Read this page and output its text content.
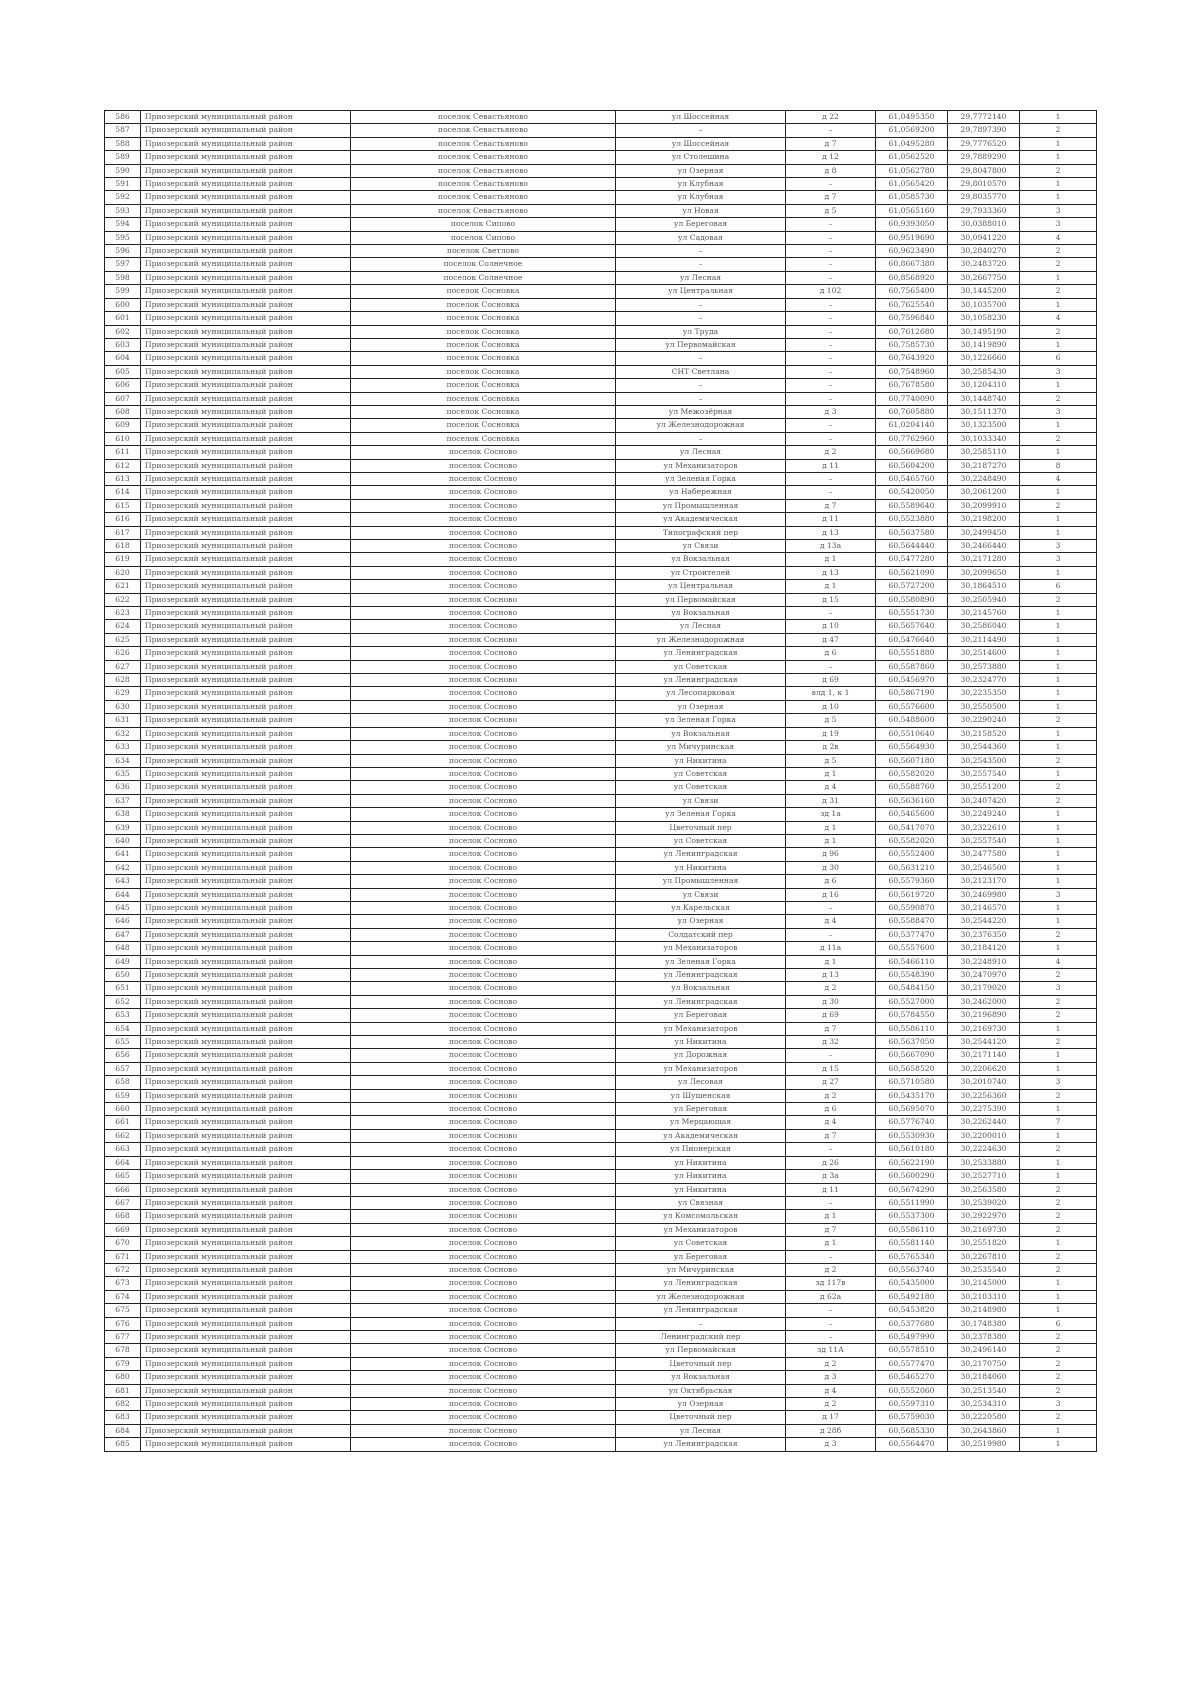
586	Приозерский муниципальный район	поселок Севастьяново	ул Шоссейная	д 22	61,0495350	29,7772140	1
587	Приозерский муниципальный район	поселок Севастьяново	–	–	61,0569200	29,7897390	2
588	Приозерский муниципальный район	поселок Севастьяново	ул Шоссейная	д 7	61,0495280	29,7776520	1
589	Приозерский муниципальный район	поселок Севастьяново	ул Столешина	д 12	61,0562520	29,7889290	1
590	Приозерский муниципальный район	поселок Севастьяново	ул Озерная	д 8	61,0562780	29,8047800	2
591	Приозерский муниципальный район	поселок Севастьяново	ул Клубная	–	61,0565420	29,8010570	1
592	Приозерский муниципальный район	поселок Севастьяново	ул Клубная	д 7	61,0585730	29,8035770	1
593	Приозерский муниципальный район	поселок Севастьяново	ул Новая	д 5	61,0565160	29,7933360	3
594	Приозерский муниципальный район	поселок Сипово	ул Береговая	–	60,9393050	30,0388010	3
595	Приозерский муниципальный район	поселок Сипово	ул Садовая	–	60,9519690	30,0941220	4
596	Приозерский муниципальный район	поселок Светлово	–	–	60,9623490	30,2840270	2
597	Приозерский муниципальный район	поселок Солнечное	–	–	60,8667380	30,2483720	2
598	Приозерский муниципальный район	поселок Солнечное	ул Лесная	–	60,8568920	30,2667750	1
599	Приозерский муниципальный район	поселок Сосновка	ул Центральная	д 102	60,7565400	30,1445200	2
600	Приозерский муниципальный район	поселок Сосновка	–	–	60,7625540	30,1035700	1
601	Приозерский муниципальный район	поселок Сосновка	–	–	60,7596840	30,1058230	4
602	Приозерский муниципальный район	поселок Сосновка	ул Труда	–	60,7612680	30,1495190	2
603	Приозерский муниципальный район	поселок Сосновка	ул Первомайская	–	60,7585730	30,1419890	1
604	Приозерский муниципальный район	поселок Сосновка	–	–	60,7643920	30,1226660	6
605	Приозерский муниципальный район	поселок Сосновка	СНТ Светлана	–	60,7548960	30,2585430	3
606	Приозерский муниципальный район	поселок Сосновка	–	–	60,7678580	30,1204310	1
607	Приозерский муниципальный район	поселок Сосновка	–	–	60,7740090	30,1448740	2
608	Приозерский муниципальный район	поселок Сосновка	ул Межозёрная	д 3	60,7605880	30,1511370	3
609	Приозерский муниципальный район	поселок Сосновка	ул Железнодорожная	–	61,0204140	30,1323500	1
610	Приозерский муниципальный район	поселок Сосновка	–	–	60,7762960	30,1033340	2
611	Приозерский муниципальный район	поселок Сосново	ул Лесная	д 2	60,5669680	30,2585110	1
612	Приозерский муниципальный район	поселок Сосново	ул Механизаторов	д 11	60,5604200	30,2187270	8
613	Приозерский муниципальный район	поселок Сосново	ул Зеленая Горка	–	60,5465760	30,2248490	4
614	Приозерский муниципальный район	поселок Сосново	ул Набережная	–	60,5420050	30,2061200	1
615	Приозерский муниципальный район	поселок Сосново	ул Промышленная	д 7	60,5589640	30,2099910	2
616	Приозерский муниципальный район	поселок Сосново	ул Академическая	д 11	60,5523880	30,2198200	1
617	Приозерский муниципальный район	поселок Сосново	Типографский пер	д 13	60,5637580	30,2499450	1
618	Приозерский муниципальный район	поселок Сосново	ул Связи	д 13а	60,5644440	30,2466440	3
619	Приозерский муниципальный район	поселок Сосново	ул Вокзальная	д 1	60,5477280	30,2171280	3
620	Приозерский муниципальный район	поселок Сосново	ул Строителей	д 13	60,5621090	30,2099650	1
621	Приозерский муниципальный район	поселок Сосново	ул Центральная	д 1	60,5727200	30,1864510	6
622	Приозерский муниципальный район	поселок Сосново	ул Первомайская	д 15	60,5580890	30,2505940	2
623	Приозерский муниципальный район	поселок Сосново	ул Вокзальная	–	60,5551730	30,2145760	1
624	Приозерский муниципальный район	поселок Сосново	ул Лесная	д 10	60,5657640	30,2586040	1
625	Приозерский муниципальный район	поселок Сосново	ул Железнодорожная	д 47	60,5476640	30,2114490	1
626	Приозерский муниципальный район	поселок Сосново	ул Ленинградская	д 6	60,5551880	30,2514600	1
627	Приозерский муниципальный район	поселок Сосново	ул Советская	–	60,5587860	30,2573880	1
628	Приозерский муниципальный район	поселок Сосново	ул Ленинградская	д 69	60,5456970	30,2324770	1
629	Приозерский муниципальный район	поселок Сосново	ул Лесопарковая	влд 1, к 1	60,5867190	30,2235350	1
630	Приозерский муниципальный район	поселок Сосново	ул Озерная	д 10	60,5576600	30,2550500	1
631	Приозерский муниципальный район	поселок Сосново	ул Зеленая Горка	д 5	60,5488600	30,2290240	2
632	Приозерский муниципальный район	поселок Сосново	ул Вокзальная	д 19	60,5510640	30,2158520	1
633	Приозерский муниципальный район	поселок Сосново	ул Мичуринская	д 2в	60,5564930	30,2544360	1
634	Приозерский муниципальный район	поселок Сосново	ул Никитина	д 5	60,5607180	30,2543500	2
635	Приозерский муниципальный район	поселок Сосново	ул Советская	д 1	60,5582020	30,2557540	1
636	Приозерский муниципальный район	поселок Сосново	ул Советская	д 4	60,5588760	30,2551200	2
637	Приозерский муниципальный район	поселок Сосново	ул Связи	д 31	60,5636160	30,2407420	2
638	Приозерский муниципальный район	поселок Сосново	ул Зеленая Горка	зд 1а	60,5465600	30,2249240	1
639	Приозерский муниципальный район	поселок Сосново	Цветочный пер	д 1	60,5417070	30,2322610	1
640	Приозерский муниципальный район	поселок Сосново	ул Советская	д 1	60,5582020	30,2557540	1
641	Приозерский муниципальный район	поселок Сосново	ул Ленинградская	д 96	60,5552400	30,2477580	1
642	Приозерский муниципальный район	поселок Сосново	ул Никитина	д 30	60,5631210	30,2546500	1
643	Приозерский муниципальный район	поселок Сосново	ул Промышленная	д 6	60,5579360	30,2123170	1
644	Приозерский муниципальный район	поселок Сосново	ул Связи	д 16	60,5619720	30,2469980	3
645	Приозерский муниципальный район	поселок Сосново	ул Карельская	–	60,5590870	30,2146570	1
646	Приозерский муниципальный район	поселок Сосново	ул Озерная	д 4	60,5588470	30,2544220	1
647	Приозерский муниципальный район	поселок Сосново	Солдатский пер	–	60,5377470	30,2376350	2
648	Приозерский муниципальный район	поселок Сосново	ул Механизаторов	д 11а	60,5557600	30,2184120	1
649	Приозерский муниципальный район	поселок Сосново	ул Зеленая Горка	д 1	60,5466110	30,2248910	4
650	Приозерский муниципальный район	поселок Сосново	ул Ленинградская	д 13	60,5548390	30,2470970	2
651	Приозерский муниципальный район	поселок Сосново	ул Вокзальная	д 2	60,5484150	30,2179020	3
652	Приозерский муниципальный район	поселок Сосново	ул Ленинградская	д 30	60,5527000	30,2462000	2
653	Приозерский муниципальный район	поселок Сосново	ул Береговая	д 69	60,5784550	30,2196890	2
654	Приозерский муниципальный район	поселок Сосново	ул Механизаторов	д 7	60,5586110	30,2169730	1
655	Приозерский муниципальный район	поселок Сосново	ул Никитина	д 32	60,5637050	30,2544120	2
656	Приозерский муниципальный район	поселок Сосново	ул Дорожная	–	60,5667090	30,2171140	1
657	Приозерский муниципальный район	поселок Сосново	ул Механизаторов	д 15	60,5658520	30,2206620	1
658	Приозерский муниципальный район	поселок Сосново	ул Лесовая	д 27	60,5710580	30,2010740	3
659	Приозерский муниципальный район	поселок Сосново	ул Шушенская	д 2	60,5435170	30,2256360	2
660	Приозерский муниципальный район	поселок Сосново	ул Береговая	д 6	60,5695070	30,2275390	1
661	Приозерский муниципальный район	поселок Сосново	ул Мерцающая	д 4	60,5776740	30,2262440	7
662	Приозерский муниципальный район	поселок Сосново	ул Академическая	д 7	60,5530930	30,2200010	1
663	Приозерский муниципальный район	поселок Сосново	ул Пионерская	–	60,5610180	30,2224630	2
664	Приозерский муниципальный район	поселок Сосново	ул Никитина	д 26	60,5622190	30,2533880	1
665	Приозерский муниципальный район	поселок Сосново	ул Никитина	д 3а	60,5600290	30,2527710	1
666	Приозерский муниципальный район	поселок Сосново	ул Никитина	д 11	60,5674290	30,2563580	2
667	Приозерский муниципальный район	поселок Сосново	ул Связная	–	60,5511990	30,2539020	2
668	Приозерский муниципальный район	поселок Сосново	ул Комсомольская	д 1	60,5537300	30,2922970	2
669	Приозерский муниципальный район	поселок Сосново	ул Механизаторов	д 7	60,5586110	30,2169730	2
670	Приозерский муниципальный район	поселок Сосново	ул Советская	д 1	60,5581140	30,2551820	1
671	Приозерский муниципальный район	поселок Сосново	ул Береговая	–	60,5765340	30,2267810	2
672	Приозерский муниципальный район	поселок Сосново	ул Мичуринская	д 2	60,5563740	30,2535540	2
673	Приозерский муниципальный район	поселок Сосново	ул Ленинградская	зд 117в	60,5435000	30,2145000	1
674	Приозерский муниципальный район	поселок Сосново	ул Железнодорожная	д 62а	60,5492180	30,2103310	1
675	Приозерский муниципальный район	поселок Сосново	ул Ленинградская	–	60,5453820	30,2148980	1
676	Приозерский муниципальный район	поселок Сосново	–	–	60,5377680	30,1748380	6
677	Приозерский муниципальный район	поселок Сосново	Ленинградский пер	–	60,5497990	30,2378380	2
678	Приозерский муниципальный район	поселок Сосново	ул Первомайская	зд 11А	60,5578510	30,2496140	2
679	Приозерский муниципальный район	поселок Сосново	Цветочный пер	д 2	60,5577470	30,2170750	2
680	Приозерский муниципальный район	поселок Сосново	ул Вокзальная	д 3	60,5465270	30,2184060	2
681	Приозерский муниципальный район	поселок Сосново	ул Октябрьская	д 4	60,5552060	30,2513540	2
682	Приозерский муниципальный район	поселок Сосново	ул Озерная	д 2	60,5597310	30,2534310	3
683	Приозерский муниципальный район	поселок Сосново	Цветочный пер	д 17	60,5759030	30,2220580	2
684	Приозерский муниципальный район	поселок Сосново	ул Лесная	д 28б	60,5685330	30,2643860	1
685	Приозерский муниципальный район	поселок Сосново	ул Ленинградская	д 3	60,5564470	30,2519980	1
